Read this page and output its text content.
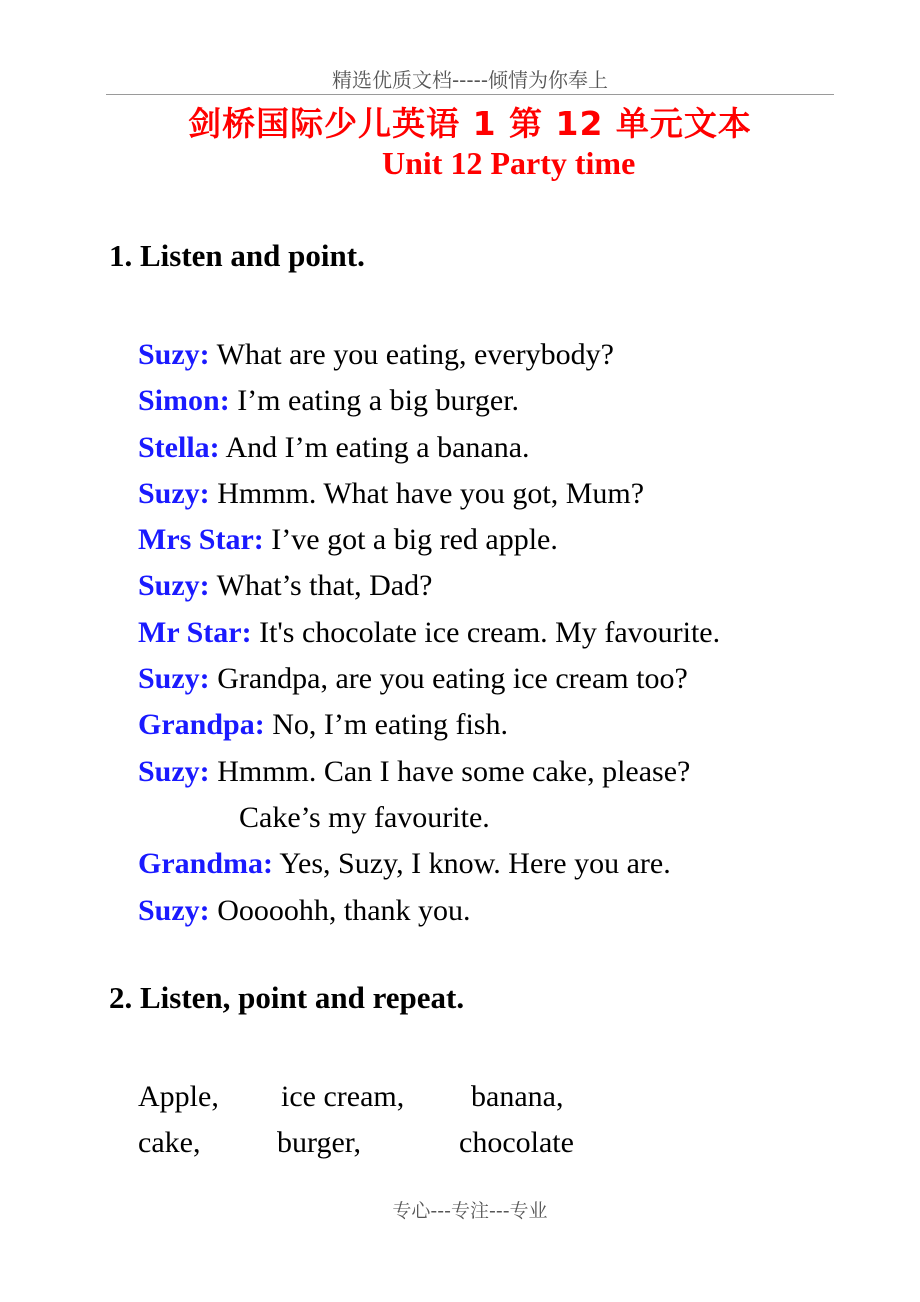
精选优质文档-----倾情为你奉上
剑桥国际少儿英语 1 第 12 单元文本
Unit 12 Party time
1. Listen and point.
Suzy: What are you eating, everybody?
Simon: I’m eating a big burger.
Stella: And I’m eating a banana.
Suzy: Hmmm. What have you got, Mum?
Mrs Star: I’ve got a big red apple.
Suzy: What’s that, Dad?
Mr Star: It's chocolate ice cream. My favourite.
Suzy: Grandpa, are you eating ice cream too?
Grandpa: No, I’m eating fish.
Suzy: Hmmm. Can I have some cake, please?
Cake’s my favourite.
Grandma: Yes, Suzy, I know. Here you are.
Suzy: Ooooohh, thank you.
2. Listen, point and repeat.
Apple, ice cream, banana,
cake,	burger,	chocolate
专心---专注---专业
